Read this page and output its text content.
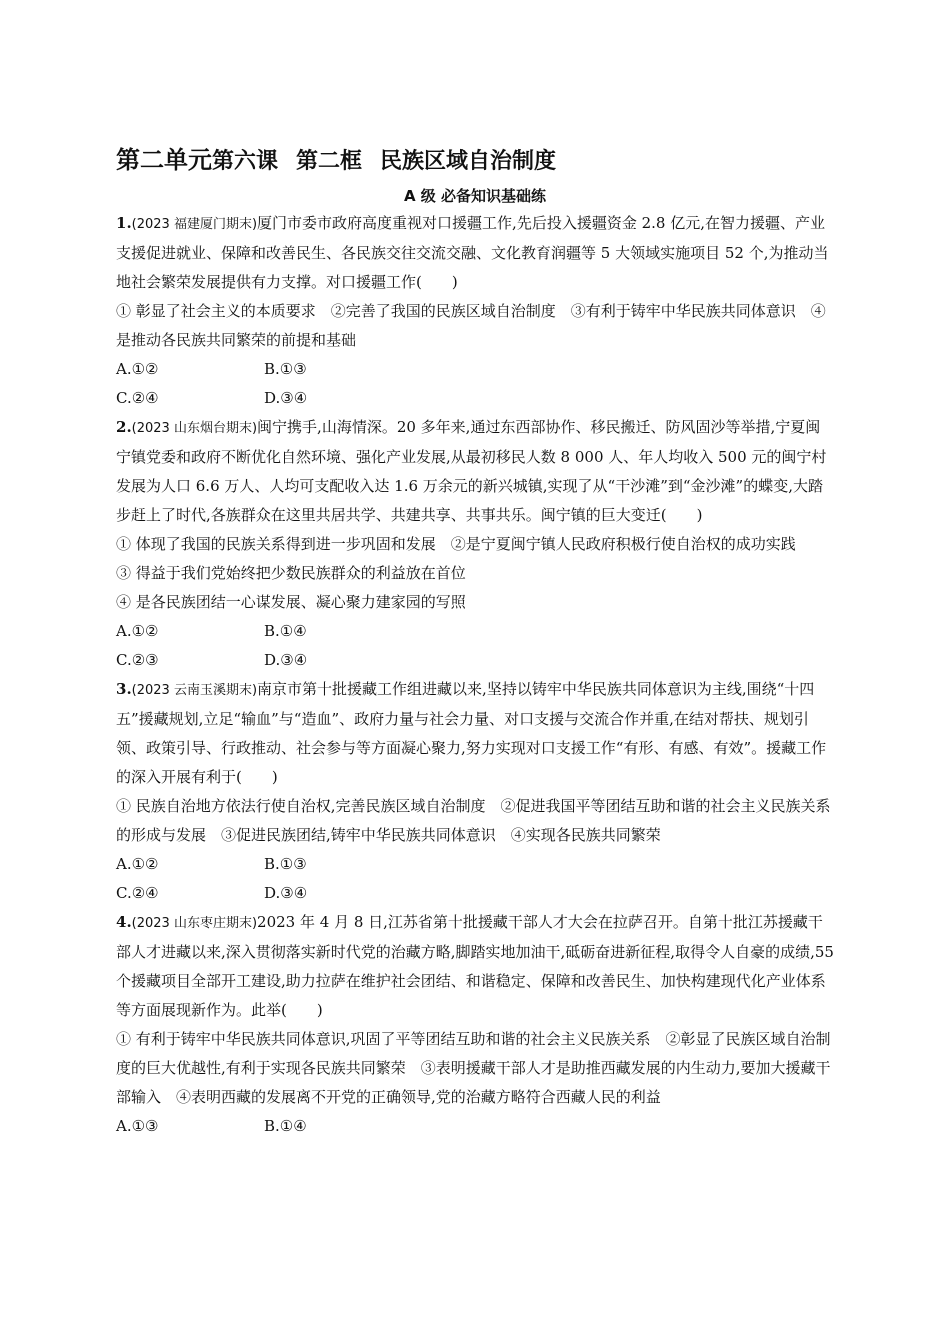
第二单元第六课 第二框 民族区域自治制度
A 级 必备知识基础练

1.(2023 福建厦门期末)厦门市委市政府高度重视对口援疆工作,先后投入援疆资金 2.8 亿元,在智力援疆、产业支援促进就业、保障和改善民生、各民族交往交流交融、文化教育润疆等 5 大领域实施项目 52 个,为推动当地社会繁荣发展提供有力支撑。对口援疆工作(　　)

① 彰显了社会主义的本质要求　②完善了我国的民族区域自治制度　③有利于铸牢中华民族共同体意识　④是推动各民族共同繁荣的前提和基础

A.①②	B.①③
C.②④	D.③④

2.(2023 山东烟台期末)闽宁携手,山海情深。20 多年来,通过东西部协作、移民搬迁、防风固沙等举措,宁夏闽宁镇党委和政府不断优化自然环境、强化产业发展,从最初移民人数 8 000 人、年人均收入 500 元的闽宁村发展为人口 6.6 万人、人均可支配收入达 1.6 万余元的新兴城镇,实现了从“干沙滩”到“金沙滩”的蝶变,大踏步赶上了时代,各族群众在这里共居共学、共建共享、共事共乐。闽宁镇的巨大变迁(　　)

① 体现了我国的民族关系得到进一步巩固和发展　②是宁夏闽宁镇人民政府积极行使自治权的成功实践

③ 得益于我们党始终把少数民族群众的利益放在首位

④ 是各民族团结一心谋发展、凝心聚力建家园的写照

A.①②	B.①④
C.②③	D.③④

3.(2023 云南玉溪期末)南京市第十批援藏工作组进藏以来,坚持以铸牢中华民族共同体意识为主线,围绕“十四五”援藏规划,立足“输血”与“造血”、政府力量与社会力量、对口支援与交流合作并重,在结对帮扶、规划引领、政策引导、行政推动、社会参与等方面凝心聚力,努力实现对口支援工作“有形、有感、有效”。援藏工作的深入开展有利于(　　)

① 民族自治地方依法行使自治权,完善民族区域自治制度　②促进我国平等团结互助和谐的社会主义民族关系的形成与发展　③促进民族团结,铸牢中华民族共同体意识　④实现各民族共同繁荣

A.①②	B.①③
C.②④	D.③④

4.(2023 山东枣庄期末)2023 年 4 月 8 日,江苏省第十批援藏干部人才大会在拉萨召开。自第十批江苏援藏干部人才进藏以来,深入贯彻落实新时代党的治藏方略,脚踏实地加油干,砥砺奋进新征程,取得令人自豪的成绩,55 个援藏项目全部开工建设,助力拉萨在维护社会团结、和谐稳定、保障和改善民生、加快构建现代化产业体系等方面展现新作为。此举(　　)

① 有利于铸牢中华民族共同体意识,巩固了平等团结互助和谐的社会主义民族关系　②彰显了民族区域自治制度的巨大优越性,有利于实现各民族共同繁荣　③表明援藏干部人才是助推西藏发展的内生动力,要加大援藏干部输入　④表明西藏的发展离不开党的正确领导,党的治藏方略符合西藏人民的利益

A.①③	B.①④
